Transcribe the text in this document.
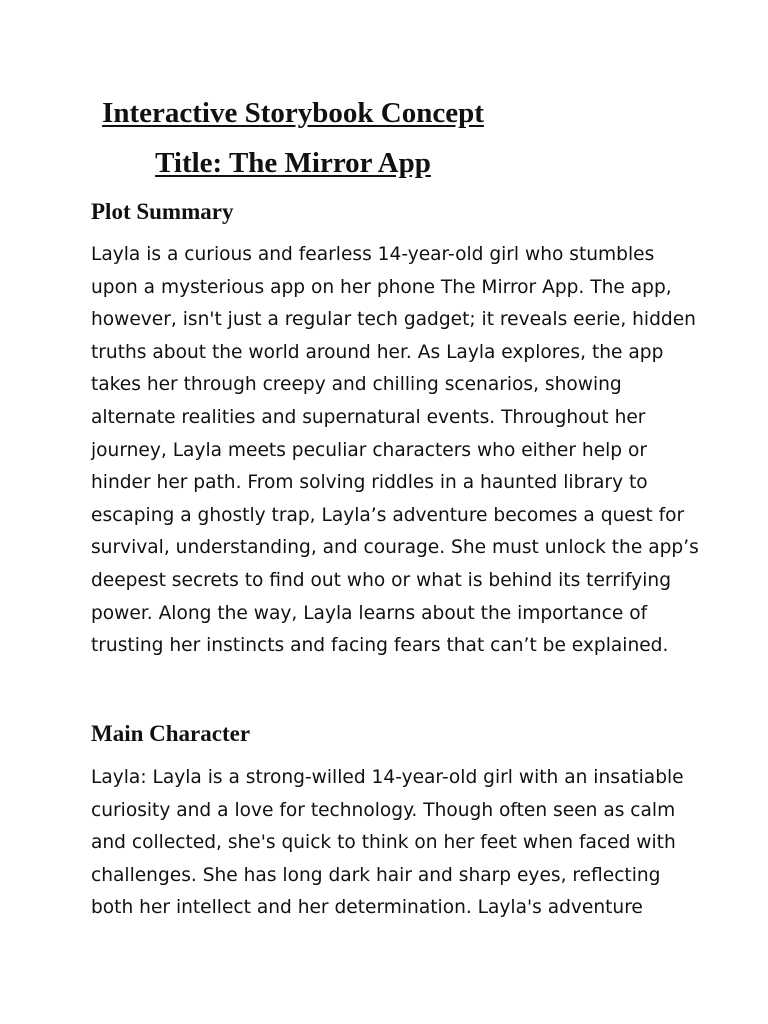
Interactive Storybook Concept
Title: The Mirror App
Plot Summary
Layla is a curious and fearless 14-year-old girl who stumbles
upon a mysterious app on her phone The Mirror App. The app,
however, isn't just a regular tech gadget; it reveals eerie, hidden
truths about the world around her. As Layla explores, the app
takes her through creepy and chilling scenarios, showing
alternate realities and supernatural events. Throughout her
journey, Layla meets peculiar characters who either help or
hinder her path. From solving riddles in a haunted library to
escaping a ghostly trap, Layla’s adventure becomes a quest for
survival, understanding, and courage. She must unlock the app’s
deepest secrets to find out who or what is behind its terrifying
power. Along the way, Layla learns about the importance of
trusting her instincts and facing fears that can’t be explained.
Main Character
Layla: Layla is a strong-willed 14-year-old girl with an insatiable
curiosity and a love for technology. Though often seen as calm
and collected, she's quick to think on her feet when faced with
challenges. She has long dark hair and sharp eyes, reflecting
both her intellect and her determination. Layla's adventure
